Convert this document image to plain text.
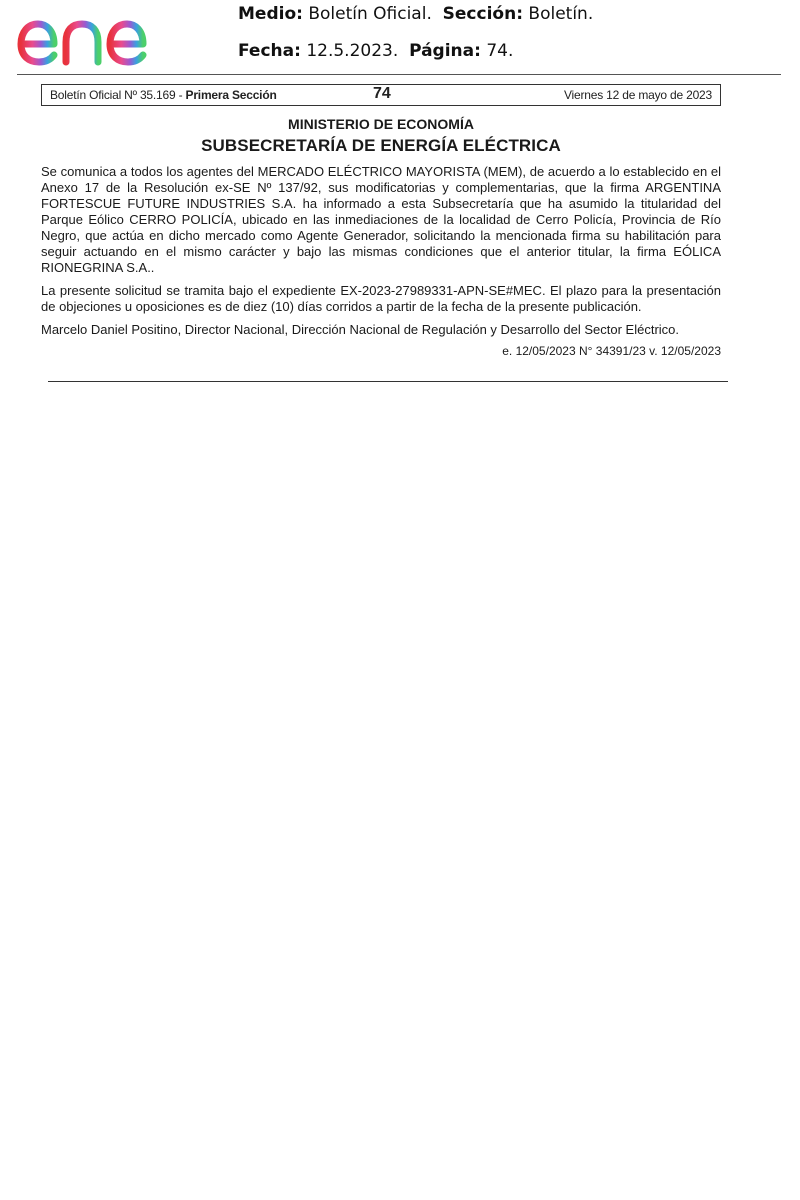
Medio: Boletín Oficial. Sección: Boletín.
Fecha: 12.5.2023. Página: 74.
Boletín Oficial Nº 35.169 - Primera Sección	74	Viernes 12 de mayo de 2023
MINISTERIO DE ECONOMÍA
SUBSECRETARÍA DE ENERGÍA ELÉCTRICA
Se comunica a todos los agentes del MERCADO ELÉCTRICO MAYORISTA (MEM), de acuerdo a lo establecido en el Anexo 17 de la Resolución ex-SE Nº 137/92, sus modificatorias y complementarias, que la firma ARGENTINA FORTESCUE FUTURE INDUSTRIES S.A. ha informado a esta Subsecretaría que ha asumido la titularidad del Parque Eólico CERRO POLICÍA, ubicado en las inmediaciones de la localidad de Cerro Policía, Provincia de Río Negro, que actúa en dicho mercado como Agente Generador, solicitando la mencionada firma su habilitación para seguir actuando en el mismo carácter y bajo las mismas condiciones que el anterior titular, la firma EÓLICA RIONEGRINA S.A..
La presente solicitud se tramita bajo el expediente EX-2023-27989331-APN-SE#MEC. El plazo para la presentación de objeciones u oposiciones es de diez (10) días corridos a partir de la fecha de la presente publicación.
Marcelo Daniel Positino, Director Nacional, Dirección Nacional de Regulación y Desarrollo del Sector Eléctrico.
e. 12/05/2023 N° 34391/23 v. 12/05/2023
